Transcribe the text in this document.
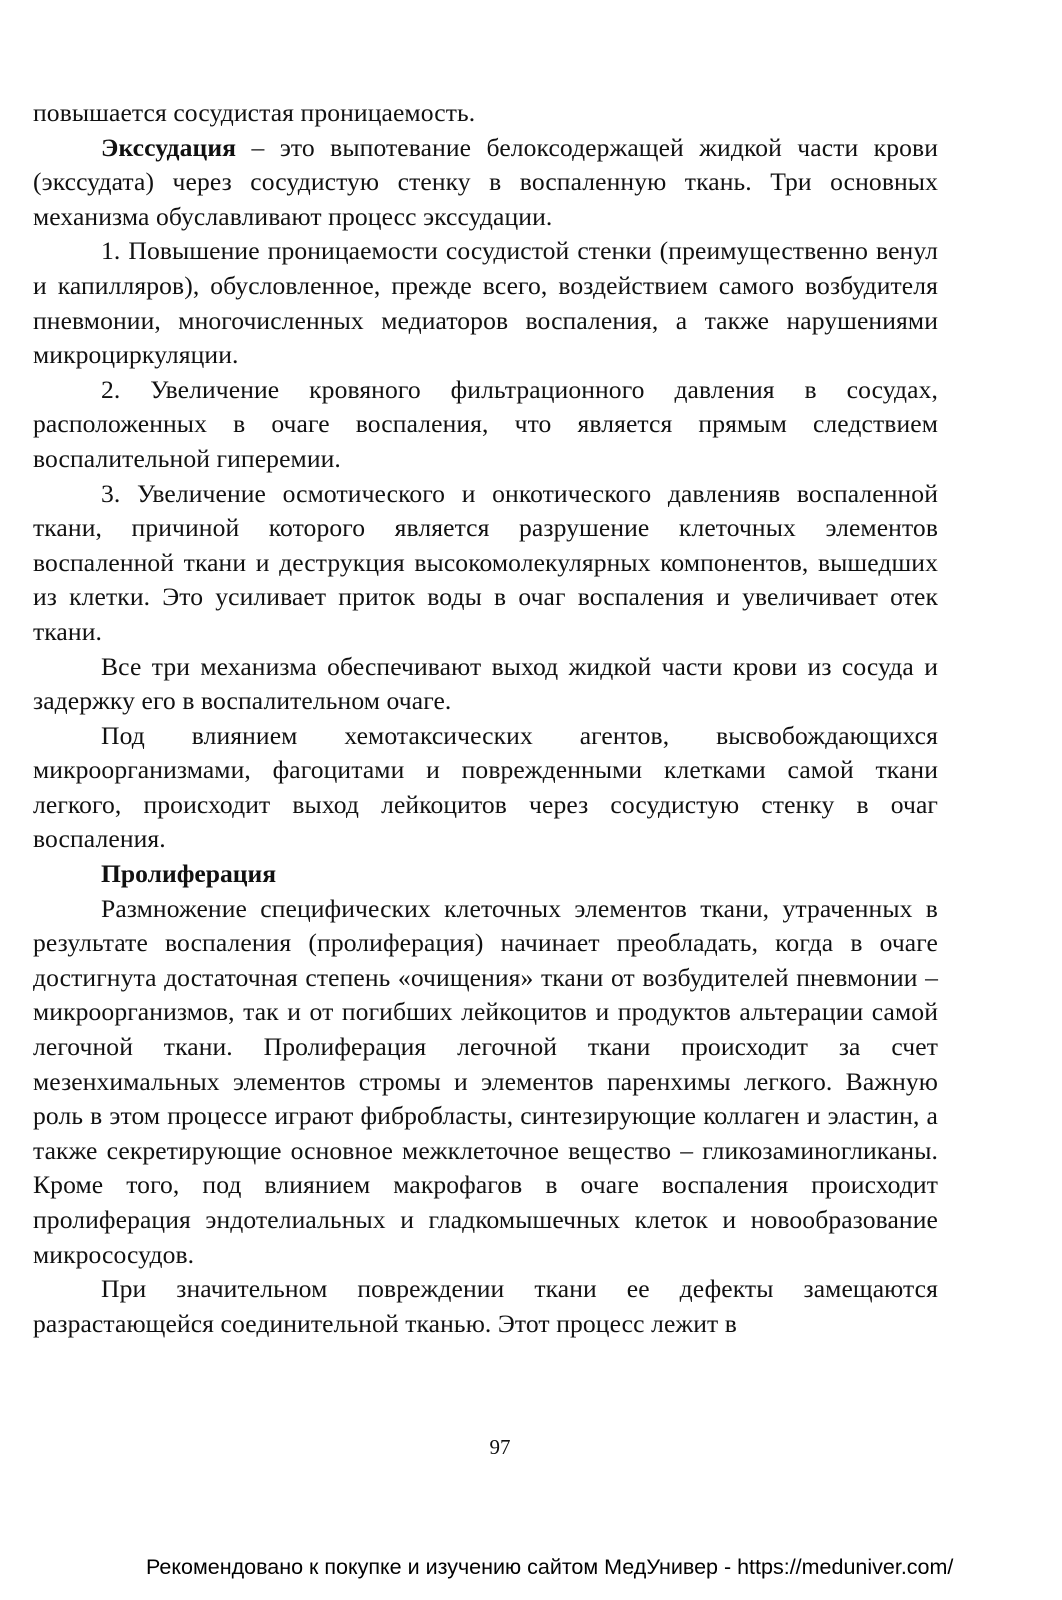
повышается сосудистая проницаемость.

Экссудация – это выпотевание белоксодержащей жидкой части крови (экссудата) через сосудистую стенку в воспаленную ткань. Три основных механизма обуславливают процесс экссудации.

1. Повышение проницаемости сосудистой стенки (преимущественно венул и капилляров), обусловленное, прежде всего, воздействием самого возбудителя пневмонии, многочисленных медиаторов воспаления, а также нарушениями микроциркуляции.

2. Увеличение кровяного фильтрационного давления в сосудах, расположенных в очаге воспаления, что является прямым следствием воспалительной гиперемии.

3. Увеличение осмотического и онкотического давленияв воспаленной ткани, причиной которого является разрушение клеточных элементов воспаленной ткани и деструкция высокомолекулярных компонентов, вышедших из клетки. Это усиливает приток воды в очаг воспаления и увеличивает отек ткани.

Все три механизма обеспечивают выход жидкой части крови из сосуда и задержку его в воспалительном очаге.

Под влиянием хемотаксических агентов, высвобождающихся микроорганизмами, фагоцитами и поврежденными клетками самой ткани легкого, происходит выход лейкоцитов через сосудистую стенку в очаг воспаления.

Пролиферация

Размножение специфических клеточных элементов ткани, утраченных в результате воспаления (пролиферация) начинает преобладать, когда в очаге достигнута достаточная степень «очищения» ткани от возбудителей пневмонии – микроорганизмов, так и от погибших лейкоцитов и продуктов альтерации самой легочной ткани. Пролиферация легочной ткани происходит за счет мезенхимальных элементов стромы и элементов паренхимы легкого. Важную роль в этом процессе играют фибробласты, синтезирующие коллаген и эластин, а также секретирующие основное межклеточное вещество – гликозаминогликаны. Кроме того, под влиянием макрофагов в очаге воспаления происходит пролиферация эндотелиальных и гладкомышечных клеток и новообразование микрососудов.

При значительном повреждении ткани ее дефекты замещаются разрастающейся соединительной тканью. Этот процесс лежит в

97
Рекомендовано к покупке и изучению сайтом МедУнивер - https://meduniver.com/
